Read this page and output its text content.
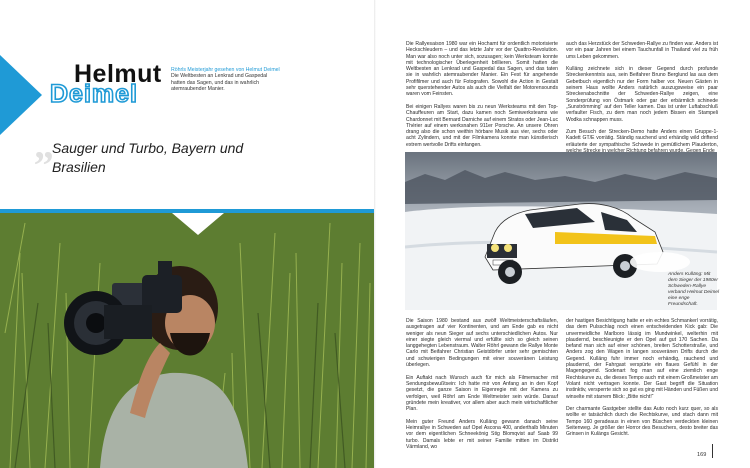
Helmut
Deimel
Röhrls Meisterjahr gesehen von Helmut Deimel
Die Weltbesten an Lenkrad und Gaspedal hatten das Sagen, und das in wahrlich atemraubender Manier.
„
Sauger und Turbo, Bayern und Brasilien
Die Rallyesaison 1980 war ein Hochamt für ordentlich motorisierte Heckschleudern – und das letzte Jahr vor der Quattro-Revolution. Man war also noch unter sich, sozusagen; kein Werksteam konnte mit technologischer Überlegenheit brillieren. Somit hatten die Weltbesten an Lenkrad und Gaspedal das Sagen, und das taten sie in wahrlich atemraubender Manier. Ein Fest für angehende Profifilmer und auch für Fotografen. Sowohl die Action in Gestalt sehr querstehender Autos als auch die Vielfalt der Motorensounds waren vom Feinsten.

Bei einigen Rallyes waren bis zu neun Werksteams mit den Top-Chauffeuren am Start, dazu kamen noch Semiwerksteams wie Chardonnet mit Bernard Darniche auf einem Stratos oder Jean-Luc Thérier auf einem werksnahen 911er Porsche. An unsere Ohren drang also die schon weithin hörbare Musik aus vier, sechs oder acht Zylindern, und mit der Filmkamera konnte man künstlerisch extrem wertvolle Drifts einfangen.
auch das Herzstück der Schweden-Rallye zu finden war. Anders ist vor ein paar Jahren bei einem Tauchunfall in Thailand viel zu früh ums Leben gekommen.

Kulläng zeichnete sich in dieser Gegend durch profunde Streckenkenntnis aus, sein Beifahrer Bruno Berglund las aus dem Gebetbuch eigentlich nur der Form halber vor. Neuen Gästen in seinem Haus wollte Anders natürlich auszugsweise ein paar Streckenabschnitte der Schweden-Rallye zeigen, eine Sonderprüfung von Östmark oder gar der erbärmlich schinede „Sunströmming“ auf den Teller kamen. Das ist unter Luftabschluß verfaulter Fisch, zu dem man noch jedem Bissen ein Stampeli Wodka schnappen muss.

Zum Besuch der Strecken-Demo hatte Anders einen Gruppe-1-Kadett GT/E vorrätig. Ständig rauchend und erhändig wild driftend erläuterte der sympathische Schwede in gemütlichem Plauderton,
Anders Kulläng: Mit dem Sieger der 1980er Schweden-Rallye verband Helmut Deimel eine enge Freundschaft.
Die Saison 1980 bestand aus zwölf Weltmeisterschaftsläufen, ausgetragen auf vier Kontinenten, und am Ende gab es nicht weniger als neun Sieger auf sechs unterschiedlichen Autos. Nur einer siegte gleich viermal und erfüllte sich so gleich seinen langgehegten Lebenstraum. Walter Röhrl gewann die Rallye Monte Carlo mit Beifahrer Christian Geistdörfer unter sehr gemischten und schwierigen Bedingungen mit einer souveränen Leistung überlegen.

Ein Auftakt nach Wunsch auch für mich als Filmemacher mit Sendungsbewußtsein: Ich hatte mir von Anfang an in den Kopf gesetzt, die ganze Saison in Eigenregie mit der Kamera zu verfolgen, weil Röhrl am Ende Weltmeister sein würde. Darauf gründete mein kreativer, vor allem aber auch mein wirtschaftlicher Plan.

Mein guter Freund Anders Kulläng gewann danach seine Heimrallye in Schweden auf Opel Ascona 400, anderthalb Minuten vor dem eigentlichen Schneekönig Stig Blomqvist auf Saab 99 turbo. Damals lebte er mit seiner Familie mitten im Distrikt Värmland, wo
der hastigen Besichtigung hatte er ein echtes Schmankerl vorrätig, das dem Pulsschlag noch einen entscheidenden Kick gab: Die unvermeidliche Marlboro lässig im Mundwinkel, welterhin mit plaudernd, beschleunigte er den Opel auf gut 170 Sachen. Da befand man sich auf einer schönen, breiten Schotterstraße, und Anders zog den Wagen in langen souveränen Drifts durch die Gegend. Kulläng fuhr immer noch erhändig, rauchend und plaudernd, der Fahrgast verspürte ein flaues Gefühl in der Magengegend. Sodenart fog man auf eine ziemlich enge Rechtskurve zu, die dieses Tempo auch mit einem Großmeister am Volant nicht vertragen konnte. Der Gast begriff die Situation instinktiv, versperrte sich so gut es ging mit Händen und Füßen und winselte mit starrem Blick: „Bitte nicht!“

Der charmante Gastgeber stellte das Auto noch kurz quer, so als wollte er tatsächlich durch die Rechtskurve, und stach dann mit Tempo 160 geradeaus in einen von Büschen verdeckten kleinen Seitenweg. Je größer der Horror des Besuchers, desto breiter das Grinsen in Kulängs Gesicht.
169
